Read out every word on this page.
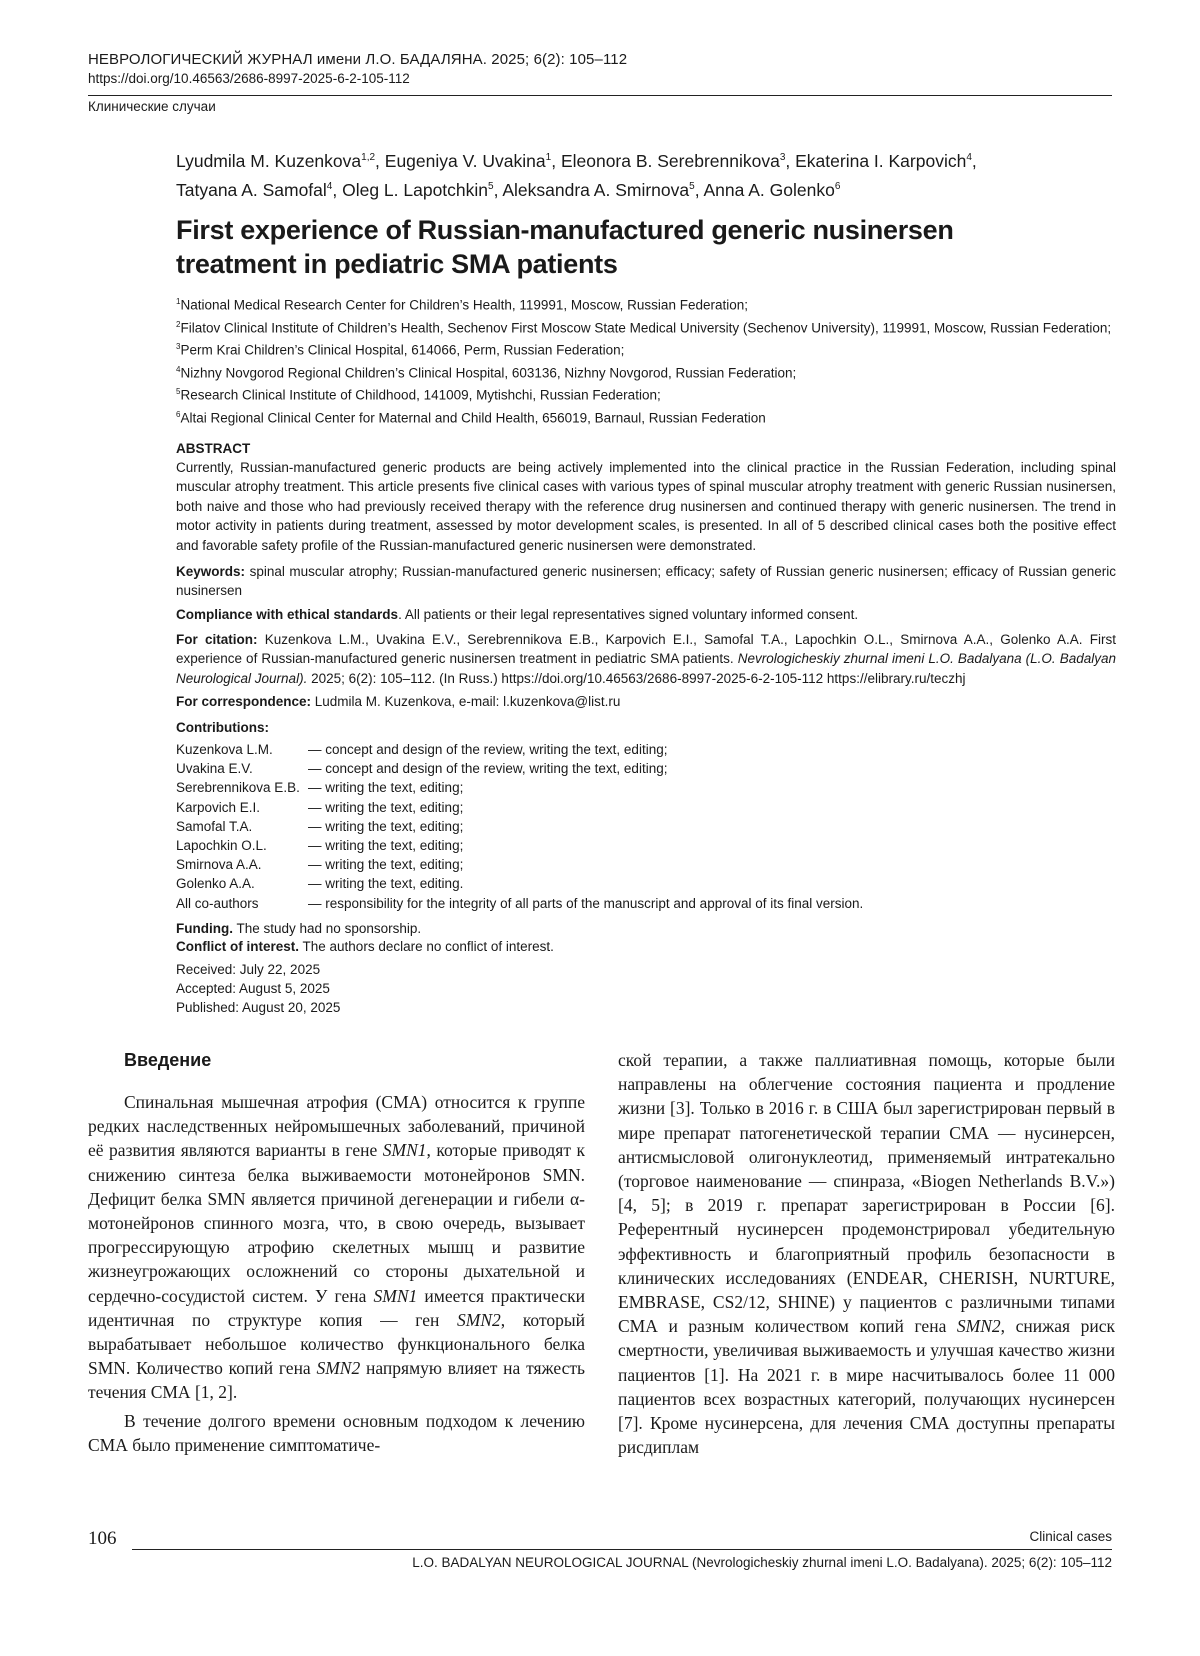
НЕВРОЛОГИЧЕСКИЙ ЖУРНАЛ имени Л.О. БАДАЛЯНА. 2025; 6(2): 105–112
https://doi.org/10.46563/2686-8997-2025-6-2-105-112
Клинические случаи
Lyudmila M. Kuzenkova$^{1,2}$, Eugeniya V. Uvakina$^1$, Eleonora B. Serebrennikova$^3$, Ekaterina I. Karpovich$^4$,
Tatyana A. Samofal$^4$, Oleg L. Lapotchkin$^5$, Aleksandra A. Smirnova$^5$, Anna A. Golenko$^6$
First experience of Russian-manufactured generic nusinersen
treatment in pediatric SMA patients
$^1$National Medical Research Center for Children’s Health, 119991, Moscow, Russian Federation;
$^2$Filatov Clinical Institute of Children’s Health, Sechenov First Moscow State Medical University (Sechenov University), 119991, Moscow, Russian Federation;
$^3$Perm Krai Children’s Clinical Hospital, 614066, Perm, Russian Federation;
$^4$Nizhny Novgorod Regional Children’s Clinical Hospital, 603136, Nizhny Novgorod, Russian Federation;
$^5$Research Clinical Institute of Childhood, 141009, Mytishchi, Russian Federation;
$^6$Altai Regional Clinical Center for Maternal and Child Health, 656019, Barnaul, Russian Federation
ABSTRACT
Currently, Russian-manufactured generic products are being actively implemented into the clinical practice in the Russian Federation, including spinal muscular atrophy treatment. This article presents five clinical cases with various types of spinal muscular atrophy treatment with generic Russian nusinersen, both naive and those who had previously received therapy with the reference drug nusinersen and continued therapy with generic nusinersen. The trend in motor activity in patients during treatment, assessed by motor development scales, is presented. In all of 5 described clinical cases both the positive effect and favorable safety profile of the Russian-manufactured generic nusinersen were demonstrated.
Keywords: spinal muscular atrophy; Russian-manufactured generic nusinersen; efficacy; safety of Russian generic nusinersen; efficacy of Russian generic nusinersen
Compliance with ethical standards. All patients or their legal representatives signed voluntary informed consent.
For citation: Kuzenkova L.M., Uvakina E.V., Serebrennikova E.B., Karpovich E.I., Samofal T.A., Lapochkin O.L., Smirnova A.A., Golenko A.A. First experience of Russian-manufactured generic nusinersen treatment in pediatric SMA patients. Nevrologicheskiy zhurnal imeni L.O. Badalyana (L.O. Badalyan Neurological Journal). 2025; 6(2): 105–112. (In Russ.) https://doi.org/10.46563/2686-8997-2025-6-2-105-112 https://elibrary.ru/teczhj
For correspondence: Ludmila M. Kuzenkova, e-mail: l.kuzenkova@list.ru
Contributions:
Kuzenkova L.M.	— concept and design of the review, writing the text, editing;
Uvakina E.V.	— concept and design of the review, writing the text, editing;
Serebrennikova E.B. — writing the text, editing;
Karpovich E.I.	— writing the text, editing;
Samofal T.A.	— writing the text, editing;
Lapochkin O.L.	— writing the text, editing;
Smirnova A.A.	— writing the text, editing;
Golenko A.A.	— writing the text, editing.
All co-authors	— responsibility for the integrity of all parts of the manuscript and approval of its final version.
Funding. The study had no sponsorship.
Conflict of interest. The authors declare no conflict of interest.
Received: July 22, 2025
Accepted: August 5, 2025
Published: August 20, 2025
Введение

Спинальная мышечная атрофия (СМА) относится к группе редких наследственных нейромышечных заболеваний, причиной её развития являются варианты в гене SMN1, которые приводят к снижению синтеза белка выживаемости мотонейронов SMN. Дефицит белка SMN является причиной дегенерации и гибели α-мотонейронов спинного мозга, что, в свою очередь, вызывает прогрессирующую атрофию скелетных мышц и развитие жизнеугрожающих осложнений со стороны дыхательной и сердечно-сосудистой систем. У гена SMN1 имеется практически идентичная по структуре копия — ген SMN2, который вырабатывает небольшое количество функционального белка SMN. Количество копий гена SMN2 напрямую влияет на тяжесть течения СМА [1, 2].

В течение долгого времени основным подходом к лечению СМА было применение симптоматиче-

ской терапии, а также паллиативная помощь, которые были направлены на облегчение состояния пациента и продление жизни [3]. Только в 2016 г. в США был зарегистрирован первый в мире препарат патогенетической терапии СМА — нусинерсен, антисмысловой олигонуклеотид, применяемый интратекально (торговое наименование — спинраза, «Biogen Netherlands B.V.») [4, 5]; в 2019 г. препарат зарегистрирован в России [6]. Референтный нусинерсен продемонстрировал убедительную эффективность и благоприятный профиль безопасности в клинических исследованиях (ENDEAR, CHERISH, NURTURE, EMBRASE, CS2/12, SHINE) у пациентов с различными типами СМА и разным количеством копий гена SMN2, снижая риск смертности, увеличивая выживаемость и улучшая качество жизни пациентов [1]. На 2021 г. в мире насчитывалось более 11 000 пациентов всех возрастных категорий, получающих нусинерсен [7]. Кроме нусинерсена, для лечения СМА доступны препараты рисдиплам

106	Clinical cases
L.O. BADALYAN NEUROLOGICAL JOURNAL (Nevrologicheskiy zhurnal imeni L.O. Badalyana). 2025; 6(2): 105–112
